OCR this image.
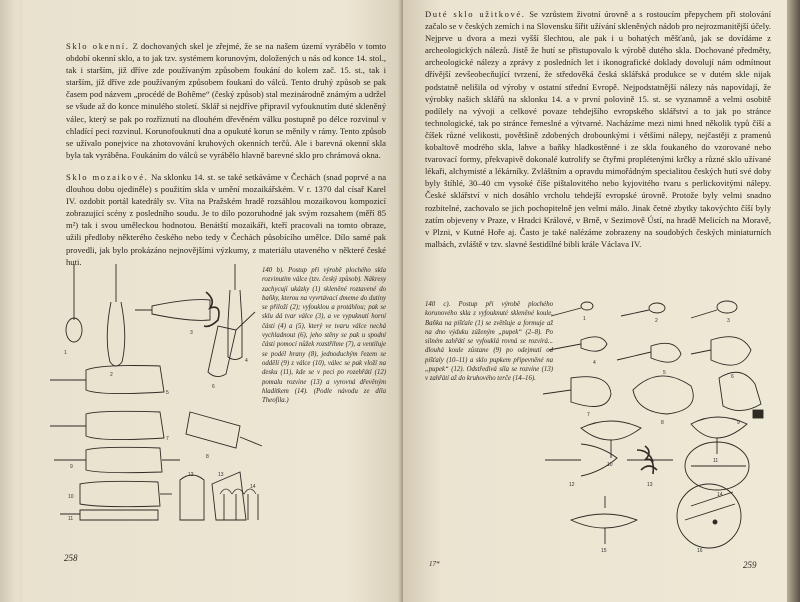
Sklo okenní. Z dochovaných skel je zřejmé, že se na našem území vyrábělo v tomto období okenní sklo, a to jak tzv. systémem korunovým, doložených u nás od konce 14. stol., tak i starším, již dříve zde používaným způsobem foukání do kolem zač. 15. st., tak i starším, jíž dříve zde používaným způsobem foukaní do válců. Tento druhý způsob se pak časem pod názvem „procédé de Bohême“ (český způsob) stal mezinárodně známým a udržel se všude až do konce minulého století. Sklář si nejdříve připravil vyfouknutím duté skleněný válec, který se pak po rozříznutí na dlouhém dřevěném válku postupně po délce rozvinul v chladící peci rozvinul. Korunofouknutí dna a opukuté korun se měnily v rámy. Tento způsob se užívalo ponejvice na zhotovování kruhových okenních terčů. Ale i barevná okenní skla byla tak vyráběna. Foukáním do válců se vyrábělo hlavně barevné sklo pro chrámová okna.

Sklo mozaikové. Na sklonku 14. st. se také setkáváme v Čechách (snad poprvé a na dlouhou dobu ojediněle) s použitím skla v umění mozaikářském. V r. 1370 dal císař Karel IV. ozdobit portál katedrály sv. Víta na Pražském hradě rozsáhlou mozaikovou kompozicí zobrazující scény z posledního soudu. Je to dílo pozoruhodné jak svým rozsahem (měří 85 m²) tak i svou uměleckou hodnotou. Benátští mozaikáři, kteří pracovali na tomto obraze, užili předloby některého českého nebo tedy v Čechách působícího umělce. Dílo samé pak provedli, jak bylo prokázáno nejnovějšími výzkumy, z materiálu utaveného v některé české huti.

1
2
3
4
5
6
7
8
9
10
11
12	13
14
140 b). Postup při výrobě plochého skla rozvinutím válce (tzv. český způsob). Nákresy zachycují ukázky (1) skleněné roztavené do baňky, kterou na vyvrtávací dmeme do dutiny se přiloží (2); vyfouklou a protáhlou; pak se sklu dá tvar válce (3), a ve vypuknutí horní části (4) a (5), který ve tvaru válce nechá vychladnout (6), jeho stěny se pak u spodní části pomocí nůžek rozstřihne (7), a ventiluje se podél hrany (8), jednoduchým řezem se oddělí (9) z válce (10), válec se pak vloží na desku (11), kde se v peci po rozehřátí (12) pomalu rozvine (13) a vyrovná dřevěným hladítkem (14). (Podle návodu ze díla Theofila.)
258

Duté sklo užitkové. Se vzrůstem životní úrovně a s rostoucím přepychem při stolování začalo se v českých zemích i na Slovensku šířit užívání skleněných nádob pro nejrozmanitější účely. Nejprve u dvora a mezi vyšší šlechtou, ale pak i u bohatých měšťanů, jak se dovídáme z archeologických nálezů. Jistě že hutí se přistupovalo k výrobě dutého skla. Dochované předměty, archeologické nálezy a zprávy z posledních let i ikonografické doklady dovolují nám odmítnout dřívější zevšeobecňující tvrzení, že středověká česká sklářská produkce se v dutém skle nijak podstatně nelišila od výroby v ostatní střední Evropě. Nejpodstatnější nálezy nás napovídají, že výrobky našich sklářů na sklonku 14. a v první polovině 15. st. se vyznamně a velmi osobitě podílely na vývoji a celkové povaze tehdejšího evropského sklářství a to jak po stránce technologické, tak po stránce řemeslné a výtvarné. Nacházíme mezi nimi hned několik typů číší a číšek různé velikosti, povětšině zdobených drobounkými i většími nálepy, nejčastěji z pramenů kobaltově modrého skla, lahve a baňky hladkostěnné i ze skla foukaného do vzorované nebo tvarovací formy, překvapivě dokonalé kutrolify se čtyřmi proplétenými krčky a různé sklo užívané lékaři, alchymisté a lékárníky. Zvláštním a opravdu mimořádným specialitou českých hutí své doby byly štíhlé, 30–40 cm vysoké číše pištalovitého nebo kyjovitého tvaru s perlickovitými nálepy. České sklářství v nich dosáhlo vrcholu tehdejší evropské úrovně. Protože byly velmi snadno rozbitelné, zachovalo se jich pochopitelně jen velmi málo. Jinak četné zbytky takovýchto číší byly zatím objeveny v Praze, v Hradci Králové, v Brně, v Sezimově Ústí, na hradě Melicích na Moravě, v Plzni, v Kutné Hoře aj. Často je také nalézáme zobrazeny na soudobých českých miniaturních malbách, zvláště v tzv. slavné šestidílné bibli krále Václava IV.

140 c). Postup při výrobě plochého korunového skla z vyfouknuté skleněné koule. Baňka na píšťale (1) se zvětšuje a formuje až na dno výduku zúženým „pupek“ (2–8). Po silném zahřátí se vyfouklá rovná se rozvírá... dlouhá koule zůstane (9) po odejmutí od píšťaly (10–11) a sklo pupkem připevněné na „pupek“ (12). Odstředivá síla se rozvine (13) v zahřátí až do kruhového terče (14–16).
1	2	3
4
5
6
7
8	9
10
11
12	13
14
15	16
17*	259
